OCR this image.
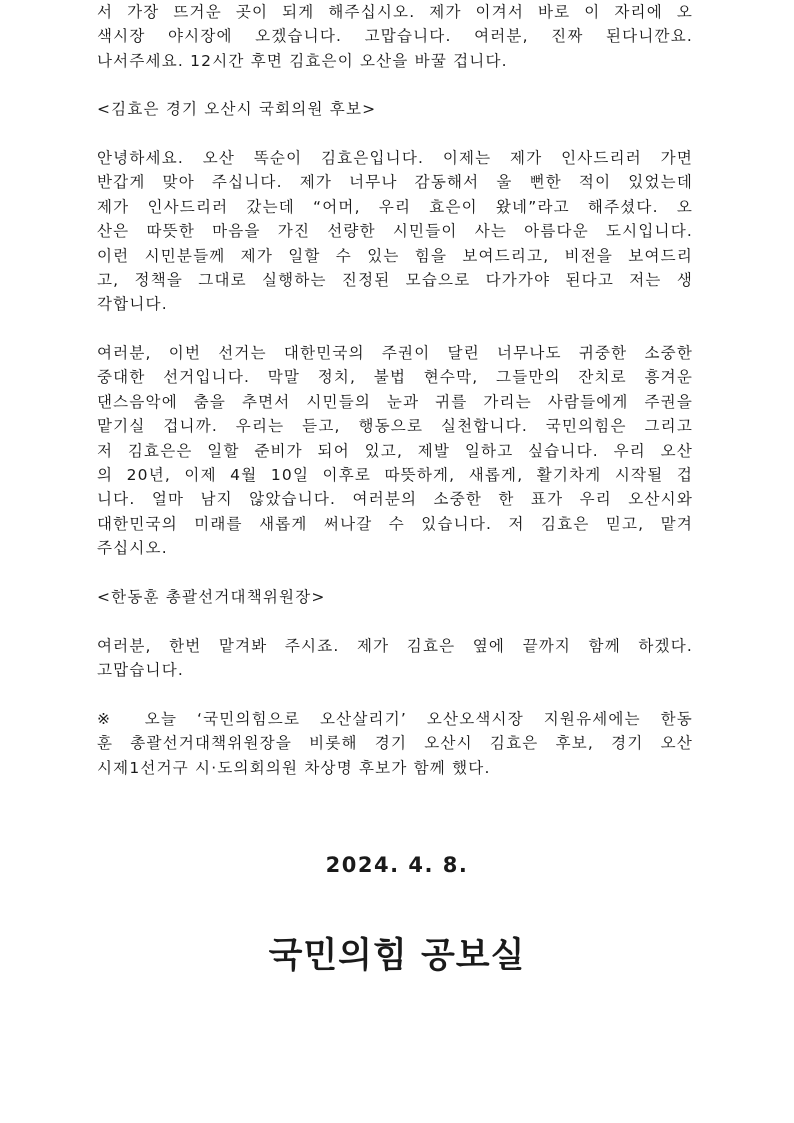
서 가장 뜨거운 곳이 되게 해주십시오. 제가 이겨서 바로 이 자리에 오
색시장 야시장에 오겠습니다. 고맙습니다. 여러분, 진짜 된다니깐요.
나서주세요. 12시간 후면 김효은이 오산을 바꿀 겁니다.
<김효은 경기 오산시 국회의원 후보>
안녕하세요. 오산 똑순이 김효은입니다. 이제는 제가 인사드리러 가면
반갑게 맞아 주십니다. 제가 너무나 감동해서 울 뻔한 적이 있었는데
제가 인사드리러 갔는데 “어머, 우리 효은이 왔네”라고 해주셨다. 오
산은 따뜻한 마음을 가진 선량한 시민들이 사는 아름다운 도시입니다.
이런 시민분들께 제가 일할 수 있는 힘을 보여드리고, 비전을 보여드리
고, 정책을 그대로 실행하는 진정된 모습으로 다가가야 된다고 저는 생
각합니다.
여러분, 이번 선거는 대한민국의 주권이 달린 너무나도 귀중한 소중한
중대한 선거입니다. 막말 정치, 불법 현수막, 그들만의 잔치로 흥겨운
댄스음악에 춤을 추면서 시민들의 눈과 귀를 가리는 사람들에게 주권을
맡기실 겁니까. 우리는 듣고, 행동으로 실천합니다. 국민의힘은 그리고
저 김효은은 일할 준비가 되어 있고, 제발 일하고 싶습니다. 우리 오산
의 20년, 이제 4월 10일 이후로 따뜻하게, 새롭게, 활기차게 시작될 겁
니다. 얼마 남지 않았습니다. 여러분의 소중한 한 표가 우리 오산시와
대한민국의 미래를 새롭게 써나갈 수 있습니다. 저 김효은 믿고, 맡겨
주십시오.
<한동훈 총괄선거대책위원장>
여러분, 한번 맡겨봐 주시죠. 제가 김효은 옆에 끝까지 함께 하겠다.
고맙습니다.
※ 오늘 ‘국민의힘으로 오산살리기’ 오산오색시장 지원유세에는 한동
훈 총괄선거대책위원장을 비롯해 경기 오산시 김효은 후보, 경기 오산
시제1선거구 시·도의회의원 차상명 후보가 함께 했다.
2024. 4. 8.
국민의힘 공보실
